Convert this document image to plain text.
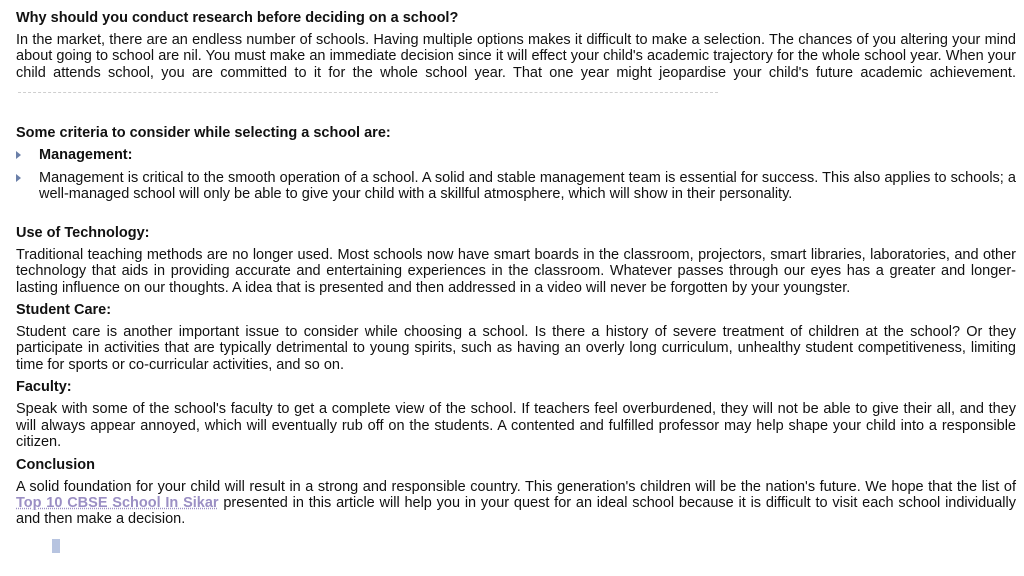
Why should you conduct research before deciding on a school?
In the market, there are an endless number of schools. Having multiple options makes it difficult to make a selection. The chances of you altering your mind about going to school are nil. You must make an immediate decision since it will effect your child's academic trajectory for the whole school year. When your child attends school, you are committed to it for the whole school year. That one year might jeopardise your child's future academic achievement.
Some criteria to consider while selecting a school are:
Management:
Management is critical to the smooth operation of a school. A solid and stable management team is essential for success. This also applies to schools; a well-managed school will only be able to give your child with a skillful atmosphere, which will show in their personality.
Use of Technology:
Traditional teaching methods are no longer used. Most schools now have smart boards in the classroom, projectors, smart libraries, laboratories, and other technology that aids in providing accurate and entertaining experiences in the classroom. Whatever passes through our eyes has a greater and longer-lasting influence on our thoughts. A idea that is presented and then addressed in a video will never be forgotten by your youngster.
Student Care:
Student care is another important issue to consider while choosing a school. Is there a history of severe treatment of children at the school? Or they participate in activities that are typically detrimental to young spirits, such as having an overly long curriculum, unhealthy student competitiveness, limiting time for sports or co-curricular activities, and so on.
Faculty:
Speak with some of the school's faculty to get a complete view of the school. If teachers feel overburdened, they will not be able to give their all, and they will always appear annoyed, which will eventually rub off on the students. A contented and fulfilled professor may help shape your child into a responsible citizen.
Conclusion
A solid foundation for your child will result in a strong and responsible country. This generation's children will be the nation's future. We hope that the list of Top 10 CBSE School In Sikar presented in this article will help you in your quest for an ideal school because it is difficult to visit each school individually and then make a decision.
